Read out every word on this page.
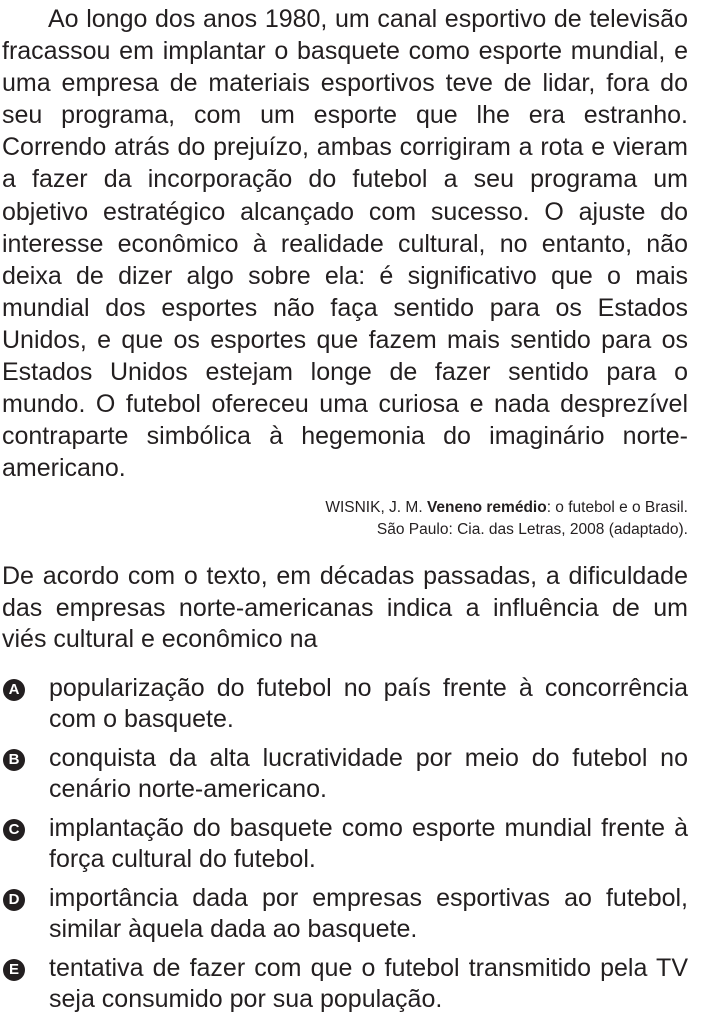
Ao longo dos anos 1980, um canal esportivo de televisão fracassou em implantar o basquete como esporte mundial, e uma empresa de materiais esportivos teve de lidar, fora do seu programa, com um esporte que lhe era estranho. Correndo atrás do prejuízo, ambas corrigiram a rota e vieram a fazer da incorporação do futebol a seu programa um objetivo estratégico alcançado com sucesso. O ajuste do interesse econômico à realidade cultural, no entanto, não deixa de dizer algo sobre ela: é significativo que o mais mundial dos esportes não faça sentido para os Estados Unidos, e que os esportes que fazem mais sentido para os Estados Unidos estejam longe de fazer sentido para o mundo. O futebol ofereceu uma curiosa e nada desprezível contraparte simbólica à hegemonia do imaginário norte-americano.

WISNIK, J. M. Veneno remédio: o futebol e o Brasil.
São Paulo: Cia. das Letras, 2008 (adaptado).

De acordo com o texto, em décadas passadas, a dificuldade das empresas norte-americanas indica a influência de um viés cultural e econômico na

A popularização do futebol no país frente à concorrência com o basquete.
B conquista da alta lucratividade por meio do futebol no cenário norte-americano.
C implantação do basquete como esporte mundial frente à força cultural do futebol.
D importância dada por empresas esportivas ao futebol, similar àquela dada ao basquete.
E tentativa de fazer com que o futebol transmitido pela TV seja consumido por sua população.
